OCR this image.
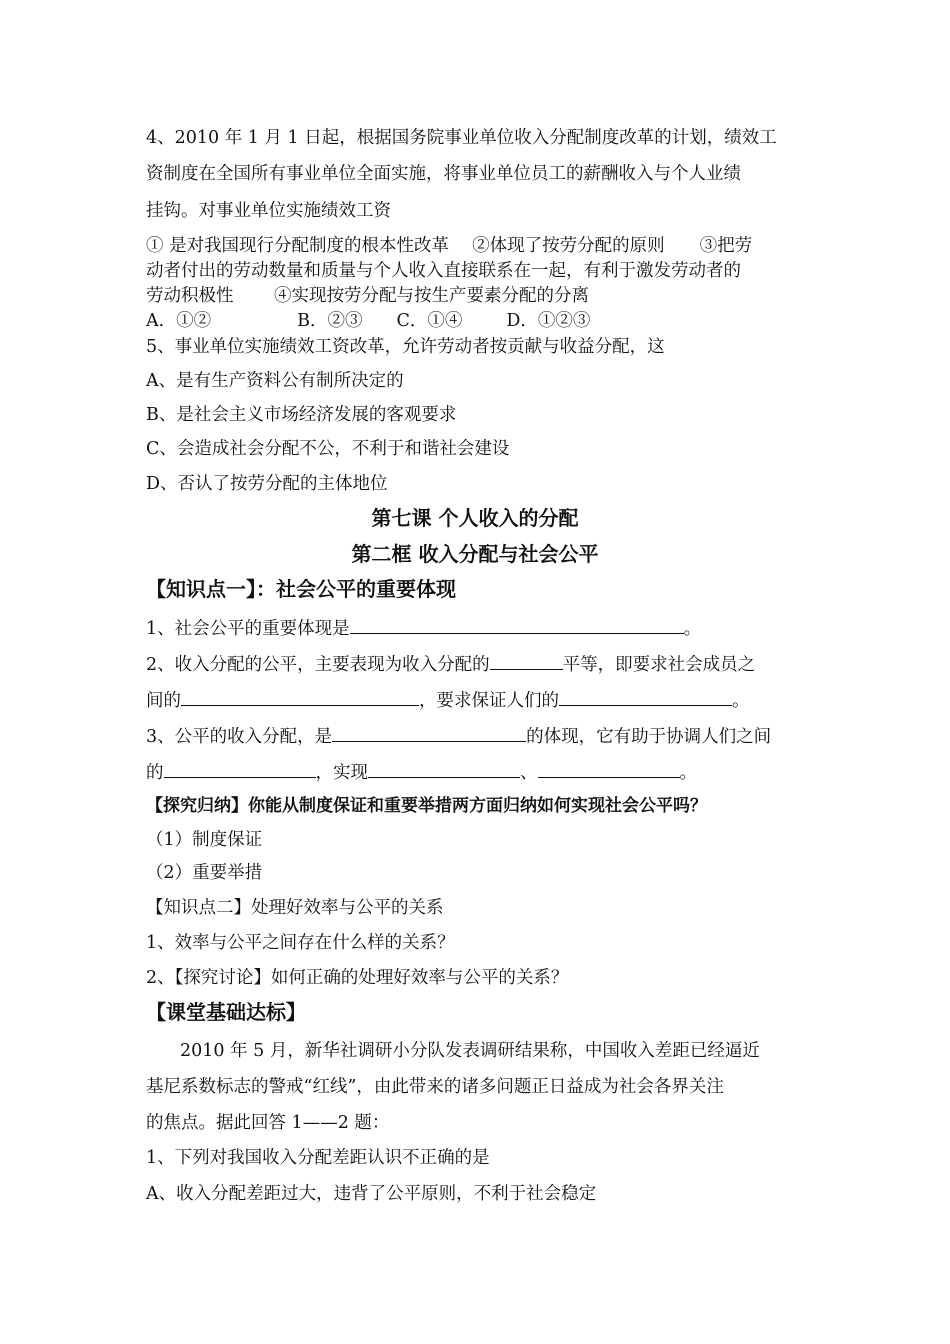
4、2010 年 1 月 1 日起，根据国务院事业单位收入分配制度改革的计划，绩效工
资制度在全国所有事业单位全面实施，将事业单位员工的薪酬收入与个人业绩
挂钩。对事业单位实施绩效工资
① 是对我国现行分配制度的根本性改革　 ②体现了按劳分配的原则　　③把劳
动者付出的劳动数量和质量与个人收入直接联系在一起，有利于激发劳动者的
劳动积极性　　 ④实现按劳分配与按生产要素分配的分离
A．①②	B．②③ C．①④	D．①②③
5、事业单位实施绩效工资改革，允许劳动者按贡献与收益分配，这
A、是有生产资料公有制所决定的
B、是社会主义市场经济发展的客观要求
C、会造成社会分配不公，不利于和谐社会建设
D、否认了按劳分配的主体地位
第七课 个人收入的分配
第二框 收入分配与社会公平
【知识点一】：社会公平的重要体现
1、社会公平的重要体现是	。
2、收入分配的公平，主要表现为收入分配的	平等，即要求社会成员之
间的	，要求保证人们的	。
3、公平的收入分配，是	的体现，它有助于协调人们之间
的	，实现	、	。
【探究归纳】你能从制度保证和重要举措两方面归纳如何实现社会公平吗？
（1）制度保证
（2）重要举措
【知识点二】处理好效率与公平的关系
1、效率与公平之间存在什么样的关系？
2、【探究讨论】如何正确的处理好效率与公平的关系？
【课堂基础达标】
2010 年 5 月，新华社调研小分队发表调研结果称，中国收入差距已经逼近
基尼系数标志的警戒“红线”，由此带来的诸多问题正日益成为社会各界关注
的焦点。据此回答 1——2 题：
1、下列对我国收入分配差距认识不正确的是
A、收入分配差距过大，违背了公平原则，不利于社会稳定
